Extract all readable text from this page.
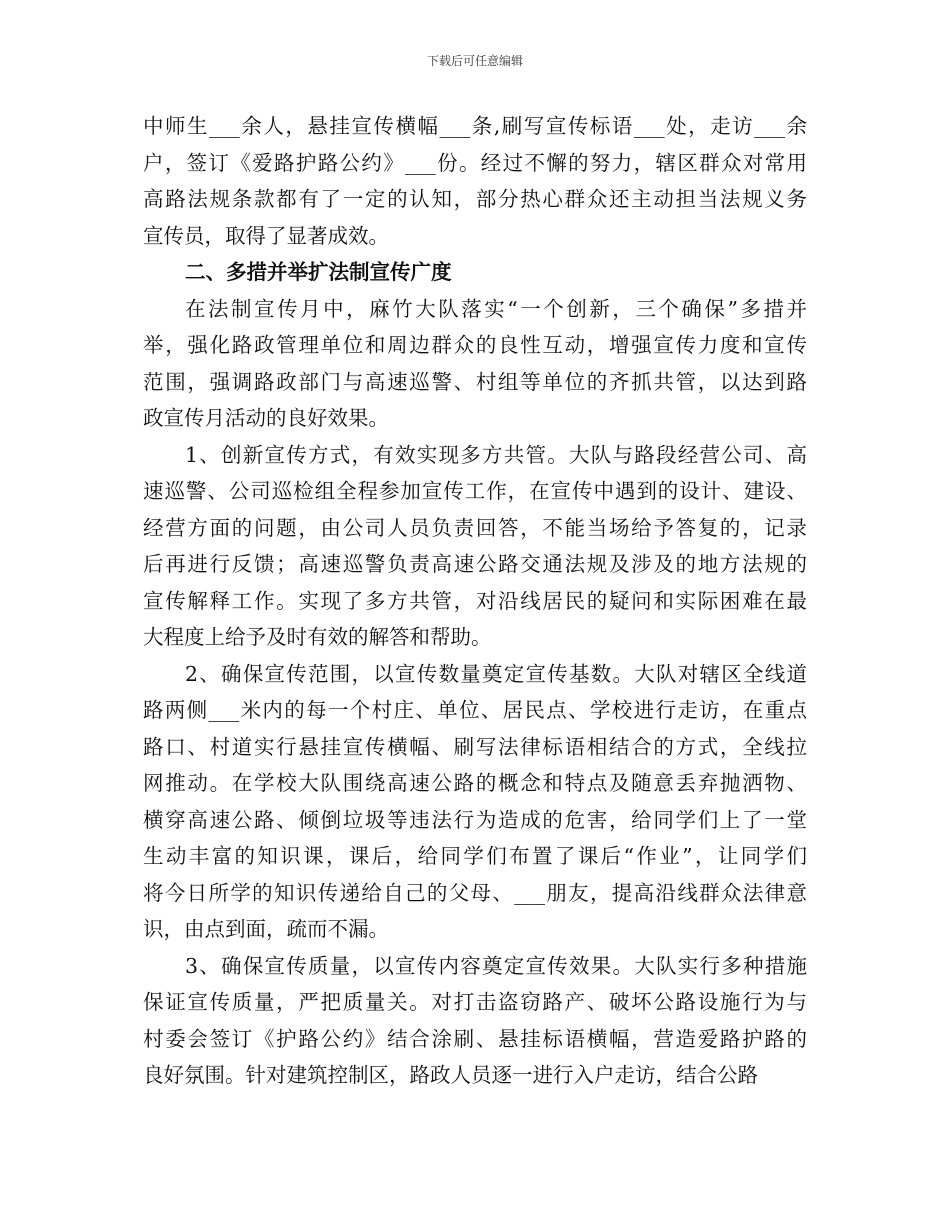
下载后可任意编辑
中师生___余人，悬挂宣传横幅___条,刷写宣传标语___处，走访___余
户，签订《爱路护路公约》___份。经过不懈的努力，辖区群众对常用
高路法规条款都有了一定的认知，部分热心群众还主动担当法规义务
宣传员，取得了显著成效。
二、多措并举扩法制宣传广度
在法制宣传月中，麻竹大队落实“一个创新，三个确保”多措并
举，强化路政管理单位和周边群众的良性互动，增强宣传力度和宣传
范围，强调路政部门与高速巡警、村组等单位的齐抓共管，以达到路
政宣传月活动的良好效果。
1、创新宣传方式，有效实现多方共管。大队与路段经营公司、高
速巡警、公司巡检组全程参加宣传工作，在宣传中遇到的设计、建设、
经营方面的问题，由公司人员负责回答，不能当场给予答复的，记录
后再进行反馈；高速巡警负责高速公路交通法规及涉及的地方法规的
宣传解释工作。实现了多方共管，对沿线居民的疑问和实际困难在最
大程度上给予及时有效的解答和帮助。
2、确保宣传范围，以宣传数量奠定宣传基数。大队对辖区全线道
路两侧___米内的每一个村庄、单位、居民点、学校进行走访，在重点
路口、村道实行悬挂宣传横幅、刷写法律标语相结合的方式，全线拉
网推动。在学校大队围绕高速公路的概念和特点及随意丢弃抛洒物、
横穿高速公路、倾倒垃圾等违法行为造成的危害，给同学们上了一堂
生动丰富的知识课，课后，给同学们布置了课后“作业”，让同学们
将今日所学的知识传递给自己的父母、___朋友，提高沿线群众法律意
识，由点到面，疏而不漏。
3、确保宣传质量，以宣传内容奠定宣传效果。大队实行多种措施
保证宣传质量，严把质量关。对打击盗窃路产、破坏公路设施行为与
村委会签订《护路公约》结合涂刷、悬挂标语横幅，营造爱路护路的
良好氛围。针对建筑控制区，路政人员逐一进行入户走访，结合公路
